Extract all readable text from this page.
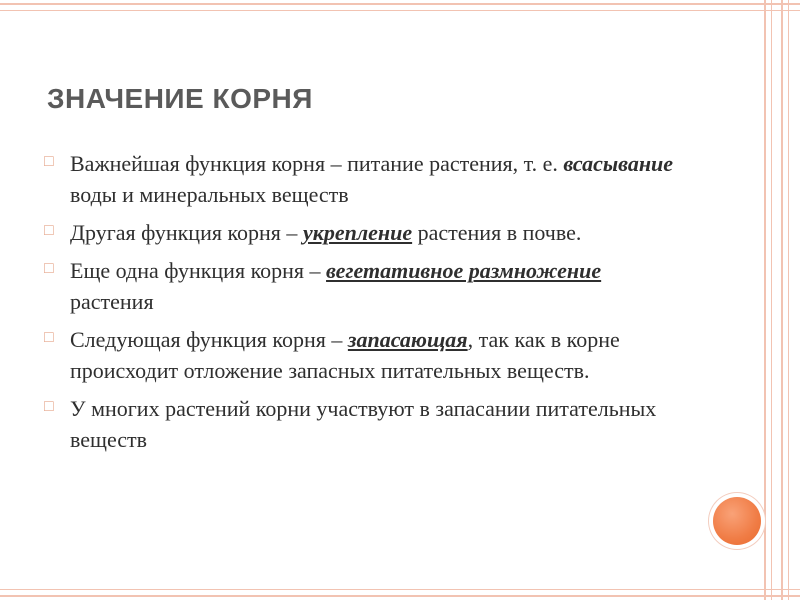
ЗНАЧЕНИЕ КОРНЯ
□ Важнейшая функция корня – питание растения, т. е. всасывание воды и минеральных веществ
□ Другая функция корня – укрепление растения в почве.
□ Еще одна функция корня – вегетативное размножение растения
□ Следующая функция корня – запасающая, так как в корне происходит отложение запасных питательных веществ.
□ У многих растений корни участвуют в запасании питательных веществ
